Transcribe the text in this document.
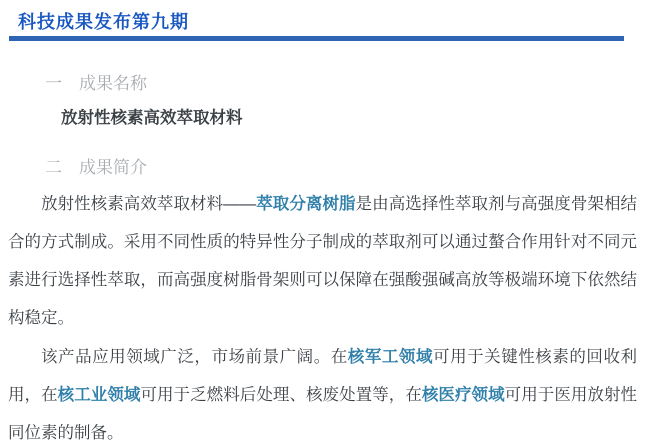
科技成果发布第九期
一 成果名称
放射性核素高效萃取材料
二 成果简介
放射性核素高效萃取材料——萃取分离树脂是由高选择性萃取剂与高强度骨架相结合的方式制成。采用不同性质的特异性分子制成的萃取剂可以通过螯合作用针对不同元素进行选择性萃取，而高强度树脂骨架则可以保障在强酸强碱高放等极端环境下依然结构稳定。
该产品应用领域广泛，市场前景广阔。在核军工领域可用于关键性核素的回收利用，在核工业领域可用于乏燃料后处理、核废处置等，在核医疗领域可用于医用放射性同位素的制备。
